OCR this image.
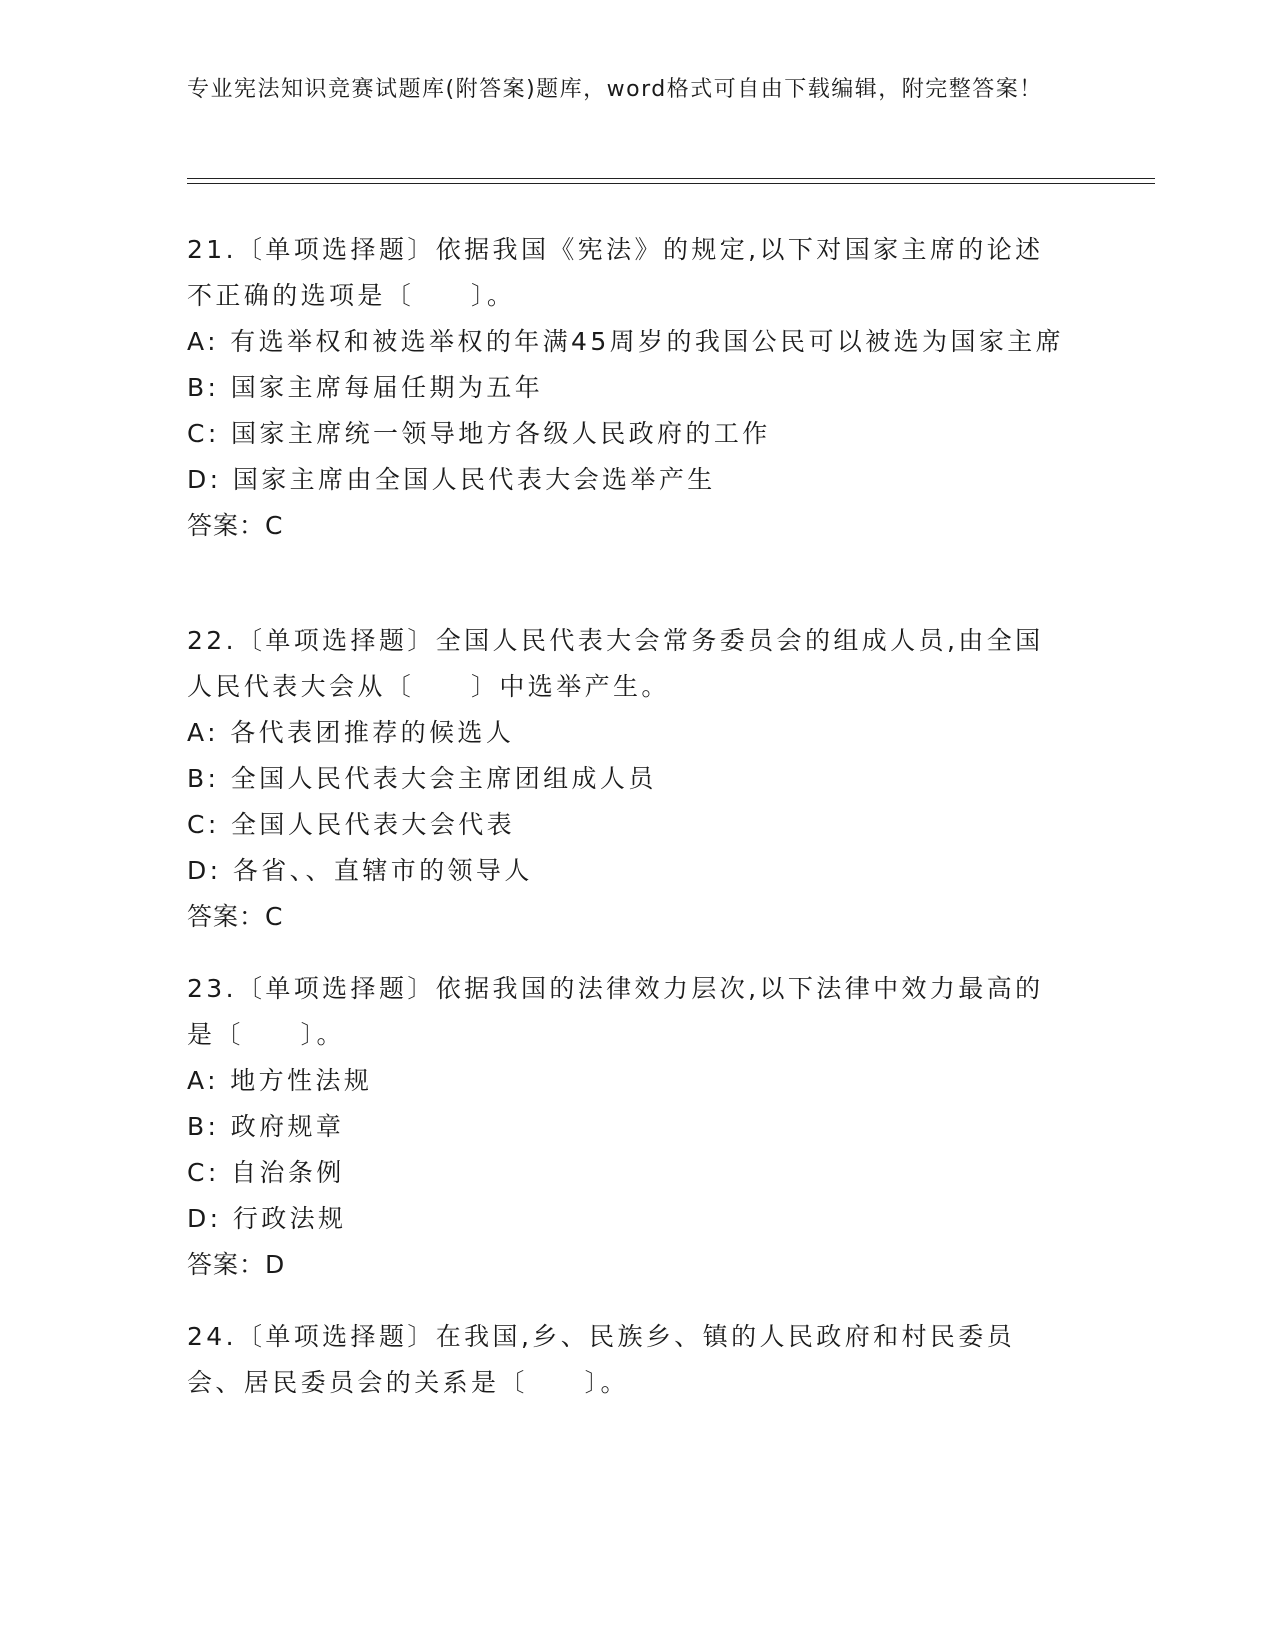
专业宪法知识竞赛试题库(附答案)题库，word格式可自由下载编辑，附完整答案！
21.〔单项选择题〕依据我国《宪法》的规定,以下对国家主席的论述不正确的选项是〔　　〕。
A: 有选举权和被选举权的年满45周岁的我国公民可以被选为国家主席
B: 国家主席每届任期为五年
C: 国家主席统一领导地方各级人民政府的工作
D: 国家主席由全国人民代表大会选举产生
答案：C
22.〔单项选择题〕全国人民代表大会常务委员会的组成人员,由全国人民代表大会从〔　　〕中选举产生。
A: 各代表团推荐的候选人
B: 全国人民代表大会主席团组成人员
C: 全国人民代表大会代表
D: 各省、、直辖市的领导人
答案：C
23.〔单项选择题〕依据我国的法律效力层次,以下法律中效力最高的是〔　　〕。
A: 地方性法规
B: 政府规章
C: 自治条例
D: 行政法规
答案：D
24.〔单项选择题〕在我国,乡、民族乡、镇的人民政府和村民委员会、居民委员会的关系是〔　　〕。
